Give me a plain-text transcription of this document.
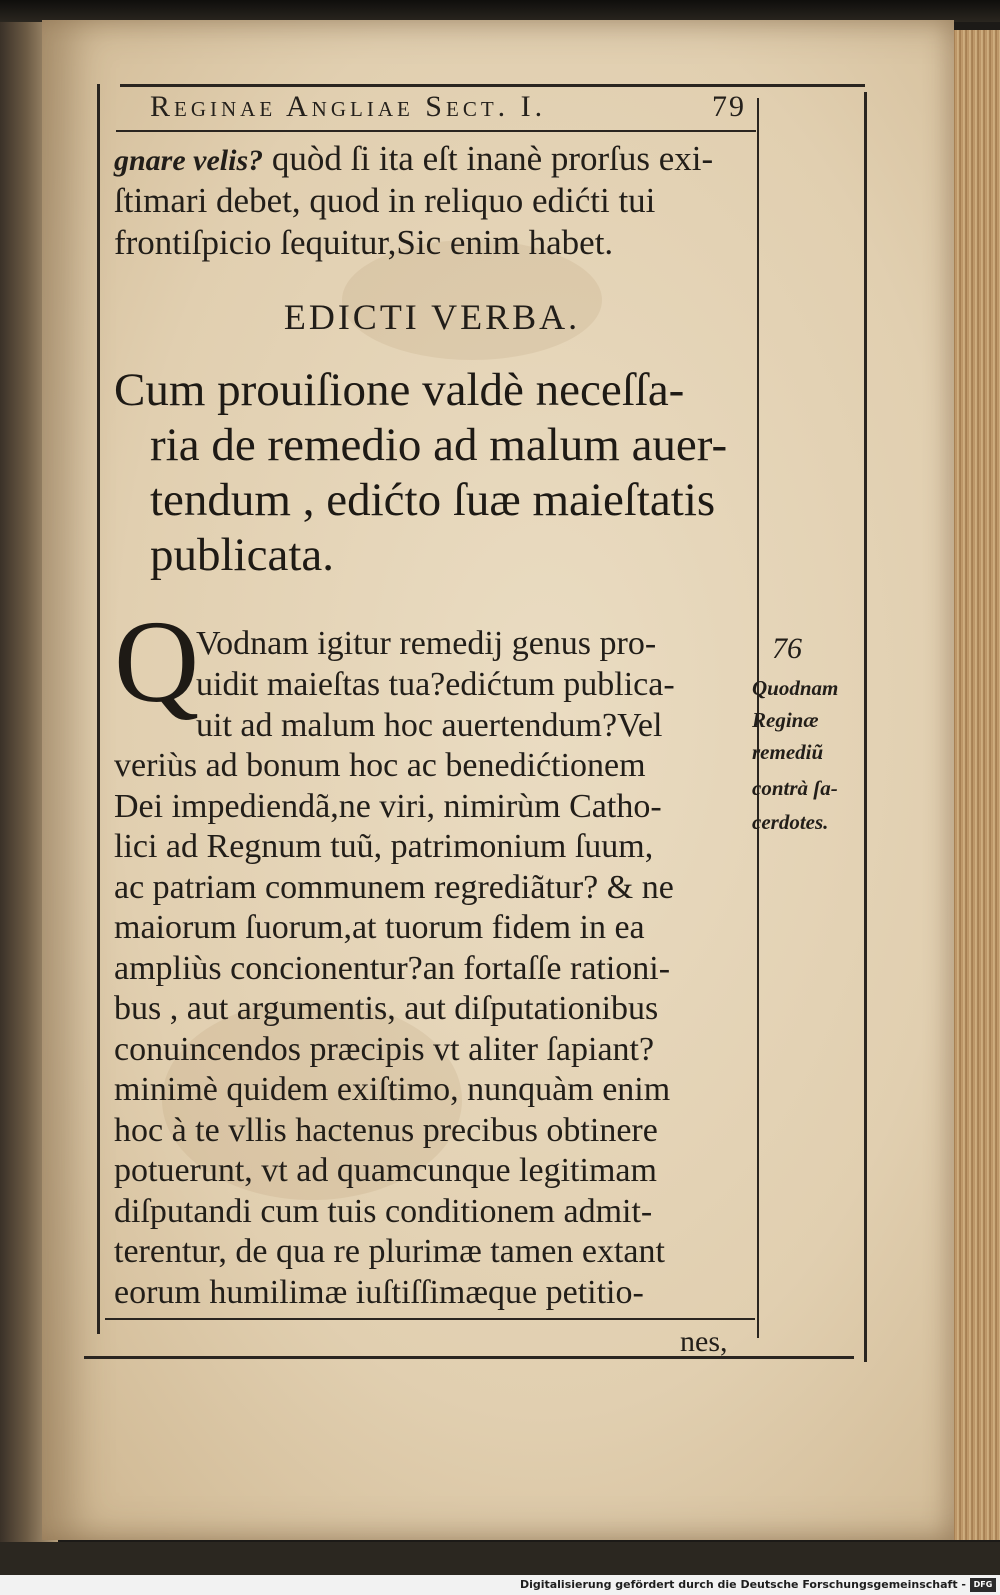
Reginae Angliae Sect. I.	79
gnare velis? quòd ſi ita eſt inanè prorſus exi-
ſtimari debet, quod in reliquo edićti tui
frontiſpicio ſequitur,Sic enim habet.
EDICTI VERBA.
Cum prouiſione valdè neceſſa-
ria de remedio ad malum auer-
tendum , edićto ſuæ maieſtatis
publicata.
Q
Vodnam igitur remedij genus pro-
uidit maieſtas tua?edićtum publica-
uit ad malum hoc auertendum?Vel
veriùs ad bonum hoc ac benedićtionem
Dei impediendã,ne viri, nimirùm Catho-
lici ad Regnum tuũ, patrimonium ſuum,
ac patriam communem regrediãtur? & ne
maiorum ſuorum,at tuorum fidem in ea
ampliùs concionentur?an fortaſſe rationi-
bus , aut argumentis, aut diſputationibus
conuincendos præcipis vt aliter ſapiant?
minimè quidem exiſtimo, nunquàm enim
hoc à te vllis hactenus precibus obtinere
potuerunt, vt ad quamcunque legitimam
diſputandi cum tuis conditionem admit-
terentur, de qua re plurimæ tamen extant
eorum humilimæ iuſtiſſimæque petitio-
nes,
76
Quodnam
Reginæ
remediũ
contrà ſa-
cerdotes.
Digitalisierung gefördert durch die Deutsche Forschungsgemeinschaft - DFG
